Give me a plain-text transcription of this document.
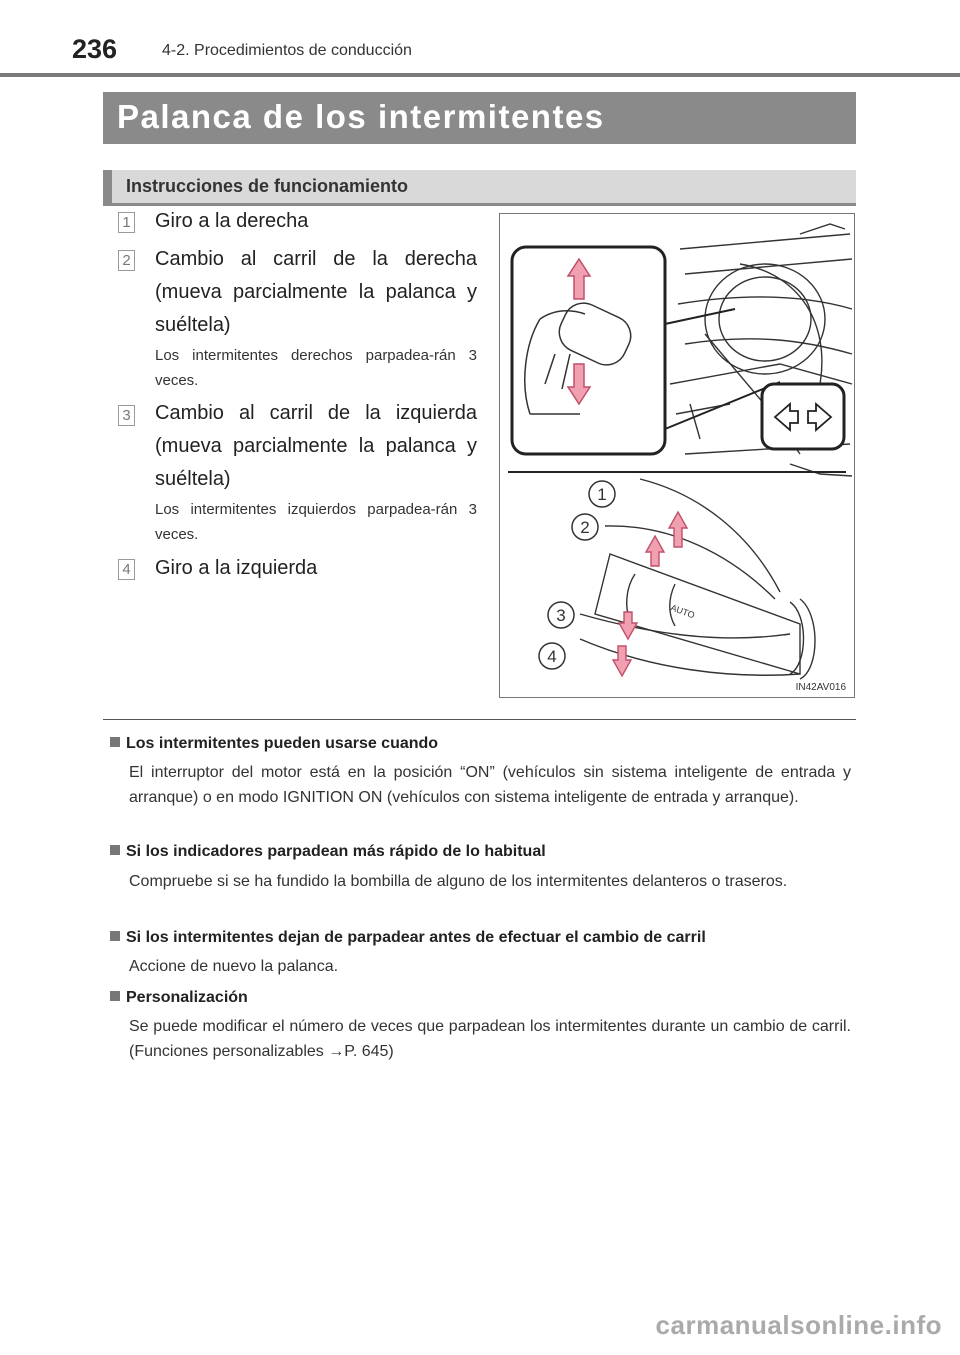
236	4-2. Procedimientos de conducción
Palanca de los intermitentes
Instrucciones de funcionamiento
1 Giro a la derecha
2 Cambio al carril de la derecha (mueva parcialmente la palanca y suéltela)
Los intermitentes derechos parpadea-rán 3 veces.
3 Cambio al carril de la izquierda (mueva parcialmente la palanca y suéltela)
Los intermitentes izquierdos parpadea-rán 3 veces.
4 Giro a la izquierda
1
2
3
4
AUTO
IN42AV016
Los intermitentes pueden usarse cuando
El interruptor del motor está en la posición “ON” (vehículos sin sistema inteligente de entrada y arranque) o en modo IGNITION ON (vehículos con sistema inteligente de entrada y arranque).
Si los indicadores parpadean más rápido de lo habitual
Compruebe si se ha fundido la bombilla de alguno de los intermitentes delanteros o traseros.
Si los intermitentes dejan de parpadear antes de efectuar el cambio de carril
Accione de nuevo la palanca.
Personalización
Se puede modificar el número de veces que parpadean los intermitentes durante un cambio de carril. (Funciones personalizables →P. 645)
carmanualsonline.info
